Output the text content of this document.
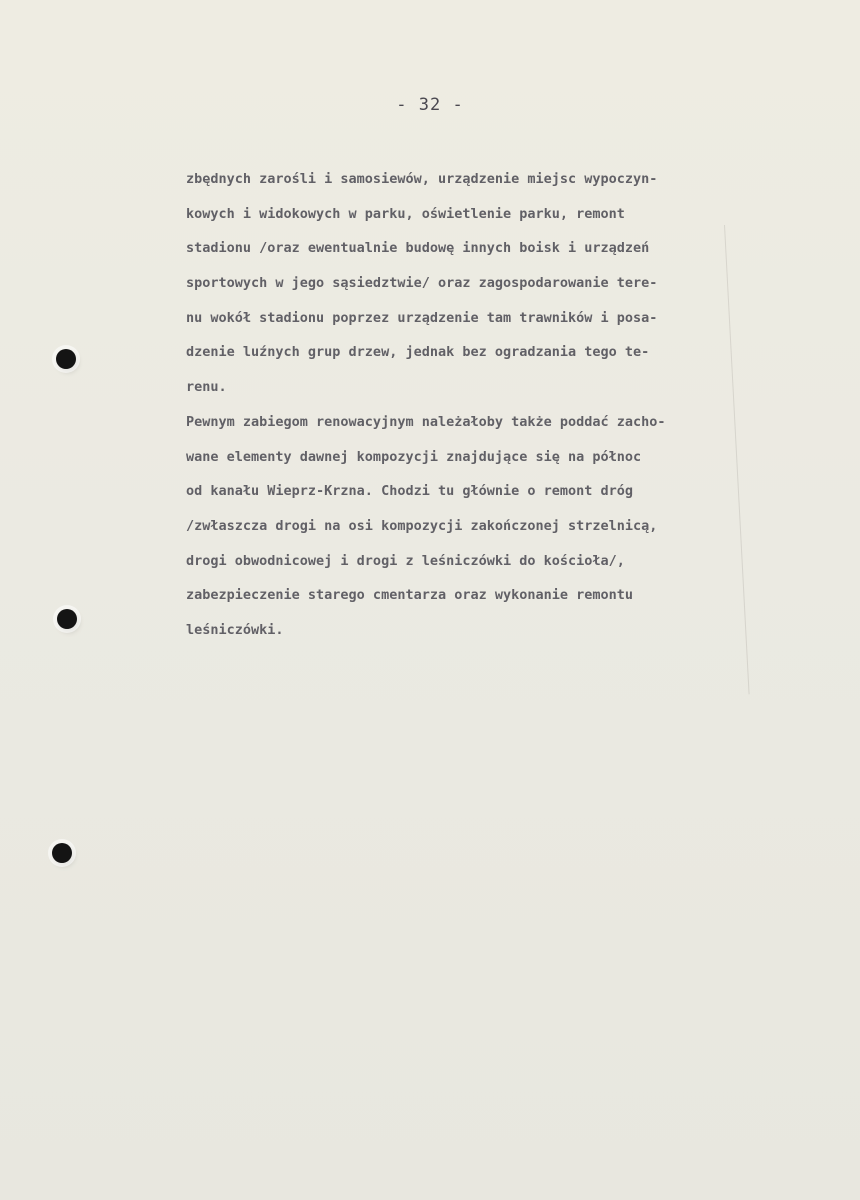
- 32 -
zbędnych zarośli i samosiewów, urządzenie miejsc wypoczyn-
kowych i widokowych w parku, oświetlenie parku, remont
stadionu /oraz ewentualnie budowę innych boisk i urządzeń
sportowych w jego sąsiedztwie/ oraz zagospodarowanie tere-
nu wokół stadionu poprzez urządzenie tam trawników i posa-
dzenie luźnych grup drzew, jednak bez ogradzania tego te-
renu.
Pewnym zabiegom renowacyjnym należałoby także poddać zacho-
wane elementy dawnej kompozycji znajdujące się na północ
od kanału Wieprz-Krzna. Chodzi tu głównie o remont dróg
/zwłaszcza drogi na osi kompozycji zakończonej strzelnicą,
drogi obwodnicowej i drogi z leśniczówki do kościoła/,
zabezpieczenie starego cmentarza oraz wykonanie remontu
leśniczówki.
